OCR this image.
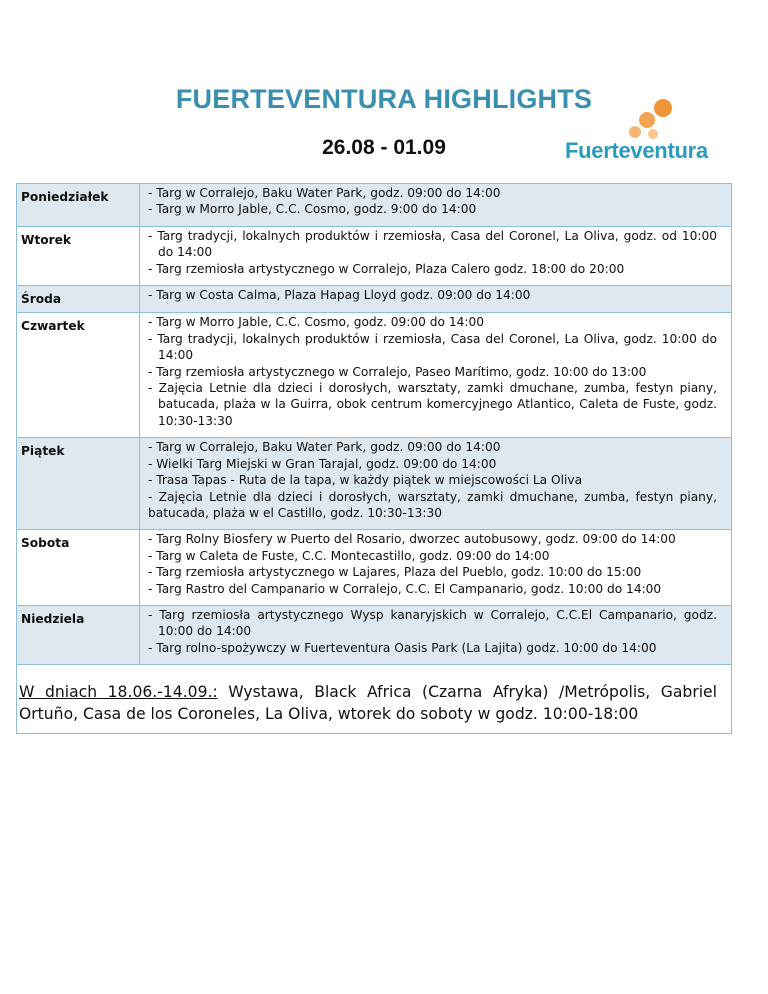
FUERTEVENTURA HIGHLIGHTS
26.08 - 01.09	Fuerteventura
Poniedziałek	- Targ w Corralejo, Baku Water Park, godz. 09:00 do 14:00
- Targ w Morro Jable, C.C. Cosmo, godz. 9:00 do 14:00

Wtorek	- Targ tradycji, lokalnych produktów i rzemiosła, Casa del Coronel, La Oliva, godz. od 10:00 do 14:00
- Targ rzemiosła artystycznego w Corralejo, Plaza Calero godz. 18:00 do 20:00

Środa	- Targ w Costa Calma, Plaza Hapag Lloyd godz. 09:00 do 14:00

Czwartek	- Targ w Morro Jable, C.C. Cosmo, godz. 09:00 do 14:00
- Targ tradycji, lokalnych produktów i rzemiosła, Casa del Coronel, La Oliva, godz. 10:00 do 14:00
- Targ rzemiosła artystycznego w Corralejo, Paseo Marítimo, godz. 10:00 do 13:00
- Zajęcia Letnie dla dzieci i dorosłych, warsztaty, zamki dmuchane, zumba, festyn piany, batucada, plaża w la Guirra, obok centrum komercyjnego Atlantico, Caleta de Fuste, godz. 10:30-13:30

Piątek	- Targ w Corralejo, Baku Water Park, godz. 09:00 do 14:00
- Wielki Targ Miejski w Gran Tarajal, godz. 09:00 do 14:00
- Trasa Tapas - Ruta de la tapa, w każdy piątek w miejscowości La Oliva
- Zajęcia Letnie dla dzieci i dorosłych, warsztaty, zamki dmuchane, zumba, festyn piany, batucada, plaża w el Castillo, godz. 10:30-13:30

Sobota	- Targ Rolny Biosfery w Puerto del Rosario, dworzec autobusowy, godz. 09:00 do 14:00
- Targ w Caleta de Fuste, C.C. Montecastillo, godz. 09:00 do 14:00
- Targ rzemiosła artystycznego w Lajares, Plaza del Pueblo, godz. 10:00 do 15:00
- Targ Rastro del Campanario w Corralejo, C.C. El Campanario, godz. 10:00 do 14:00

Niedziela	- Targ rzemiosła artystycznego Wysp kanaryjskich w Corralejo, C.C.El Campanario, godz. 10:00 do 14:00
- Targ rolno-spożywczy w Fuerteventura Oasis Park (La Lajita) godz. 10:00 do 14:00

W dniach 18.06.-14.09.: Wystawa, Black Africa (Czarna Afryka) /Metrópolis, Gabriel Ortuño, Casa de los Coroneles, La Oliva, wtorek do soboty w godz. 10:00-18:00	
